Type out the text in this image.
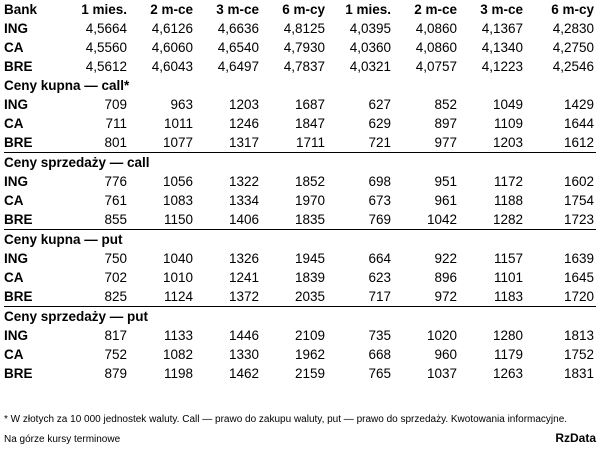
Bank	1 mies.	2 m-ce	3 m-ce	6 m-cy	1 mies.	2 m-ce	3 m-ce	6 m-cy
ING	4,5664	4,6126	4,6636	4,8125	4,0395	4,0860	4,1367	4,2830
CA	4,5560	4,6060	4,6540	4,7930	4,0360	4,0860	4,1340	4,2750
BRE	4,5612	4,6043	4,6497	4,7837	4,0321	4,0757	4,1223	4,2546
Ceny kupna — call*								
ING	709	963	1203	1687	627	852	1049	1429
CA	711	1011	1246	1847	629	897	1109	1644
BRE	801	1077	1317	1711	721	977	1203	1612
Ceny sprzedaży — call								
ING	776	1056	1322	1852	698	951	1172	1602
CA	761	1083	1334	1970	673	961	1188	1754
BRE	855	1150	1406	1835	769	1042	1282	1723
Ceny kupna — put								
ING	750	1040	1326	1945	664	922	1157	1639
CA	702	1010	1241	1839	623	896	1101	1645
BRE	825	1124	1372	2035	717	972	1183	1720
Ceny sprzedaży — put								
ING	817	1133	1446	2109	735	1020	1280	1813
CA	752	1082	1330	1962	668	960	1179	1752
BRE	879	1198	1462	2159	765	1037	1263	1831
* W złotych za 10 000 jednostek waluty. Call — prawo do zakupu waluty, put — prawo do sprzedaży. Kwotowania informacyjne.
Na górze kursy terminowe	RzData
